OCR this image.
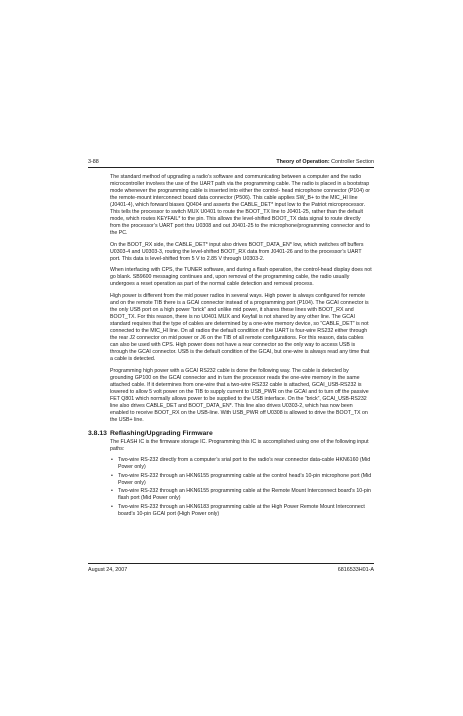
3-88	Theory of Operation: Controller Section

The standard method of upgrading a radio’s software and communicating between a computer and the radio microcontroller involves the use of the UART path via the programming cable. The radio is placed in a bootstrap mode whenever the programming cable is inserted into either the control- head microphone connector (P104) or the remote-mount interconnect board data connector (P506). This cable applies SW_B+ to the MIC_HI line (J0401-4), which forward biases Q0404 and asserts the CABLE_DET* input low to the Patriot microprocessor. This tells the processor to switch MUX U0401 to route the BOOT_TX line to J0401-25, rather than the default mode, which routes KEYFAIL* to the pin. This allows the level-shifted BOOT_TX data signal to route directly from the processor’s UART port thru U0308 and out J0401-25 to the microphone/programming connector and to the PC.

On the BOOT_RX side, the CABLE_DET* input also drives BOOT_DATA_EN* low, which switches off buffers U0303-4 and U0303-3, routing the level-shifted BOOT_RX data from J0401-26 and to the processor’s UART port. This data is level-shifted from 5 V to 2.85 V through U0303-2.

When interfacing with CPS, the TUNER software, and during a flash operation, the control-head display does not go blank. SB9600 messaging continues and, upon removal of the programming cable, the radio usually undergoes a reset operation as part of the normal cable detection and removal process.

High power is different from the mid power radios in several ways. High power is always configured for remote and on the remote TIB there is a GCAI connector instead of a programming port (P104). The GCAI connector is the only USB port on a high power “brick” and unlike mid power, it shares these lines with BOOT_RX and BOOT_TX. For this reason, there is no U0401 MUX and Keyfail is not shared by any other line. The GCAI standard requires that the type of cables are determined by a one-wire memory device, so “CABLE_DET” is not connected to the MIC_HI line. On all radios the default condition of the UART is four-wire RS232 either through the rear J2 connector on mid power or J6 on the TIB of all remote configurations. For this reason, data cables can also be used with CPS. High power does not have a rear connector so the only way to access USB is through the GCAI connector. USB is the default condition of the GCAI, but one-wire is always read any time that a cable is detected.

Programming high power with a GCAI RS232 cable is done the following way. The cable is detected by grounding GP100 on the GCAI connector and in turn the processor reads the one-wire memory in the same attached cable. If it determines from one-wire that a two-wire RS232 cable is attached, GCAI_USB-RS232 is lowered to allow 5 volt power on the TIB to supply current to USB_PWR on the GCAI and to turn off the passive FET Q801 which normally allows power to be supplied to the USB interface. On the “brick”, GCAI_USB-RS232 line also drives CABLE_DET and BOOT_DATA_EN*. This line also drives U0303-2, which has now been enabled to receive BOOT_RX on the USB-line. With USB_PWR off U0308 is allowed to drive the BOOT_TX on the USB+ line.

3.8.13 Reflashing/Upgrading Firmware

The FLASH IC is the firmware storage IC. Programming this IC is accomplished using one of the following input paths:

• Two-wire RS-232 directly from a computer’s srial port to the radio’s rear connector data-cable HKN6160 (Mid Power only)
• Two-wire RS-232 through an HKN6155 programming cable at the control head’s 10-pin microphone port (Mid Power only)
• Two-wire RS-232 through an HKN6155 programming cable at the Remote Mount Interconnect board’s 10-pin flash port (Mid Power only)
• Two-wire RS-232 through an HKN6183 programming cable at the High Power Remote Mount Interconnect board’s 10-pin GCAI port (High Power only)
August 24, 2007	6816533H01-A
